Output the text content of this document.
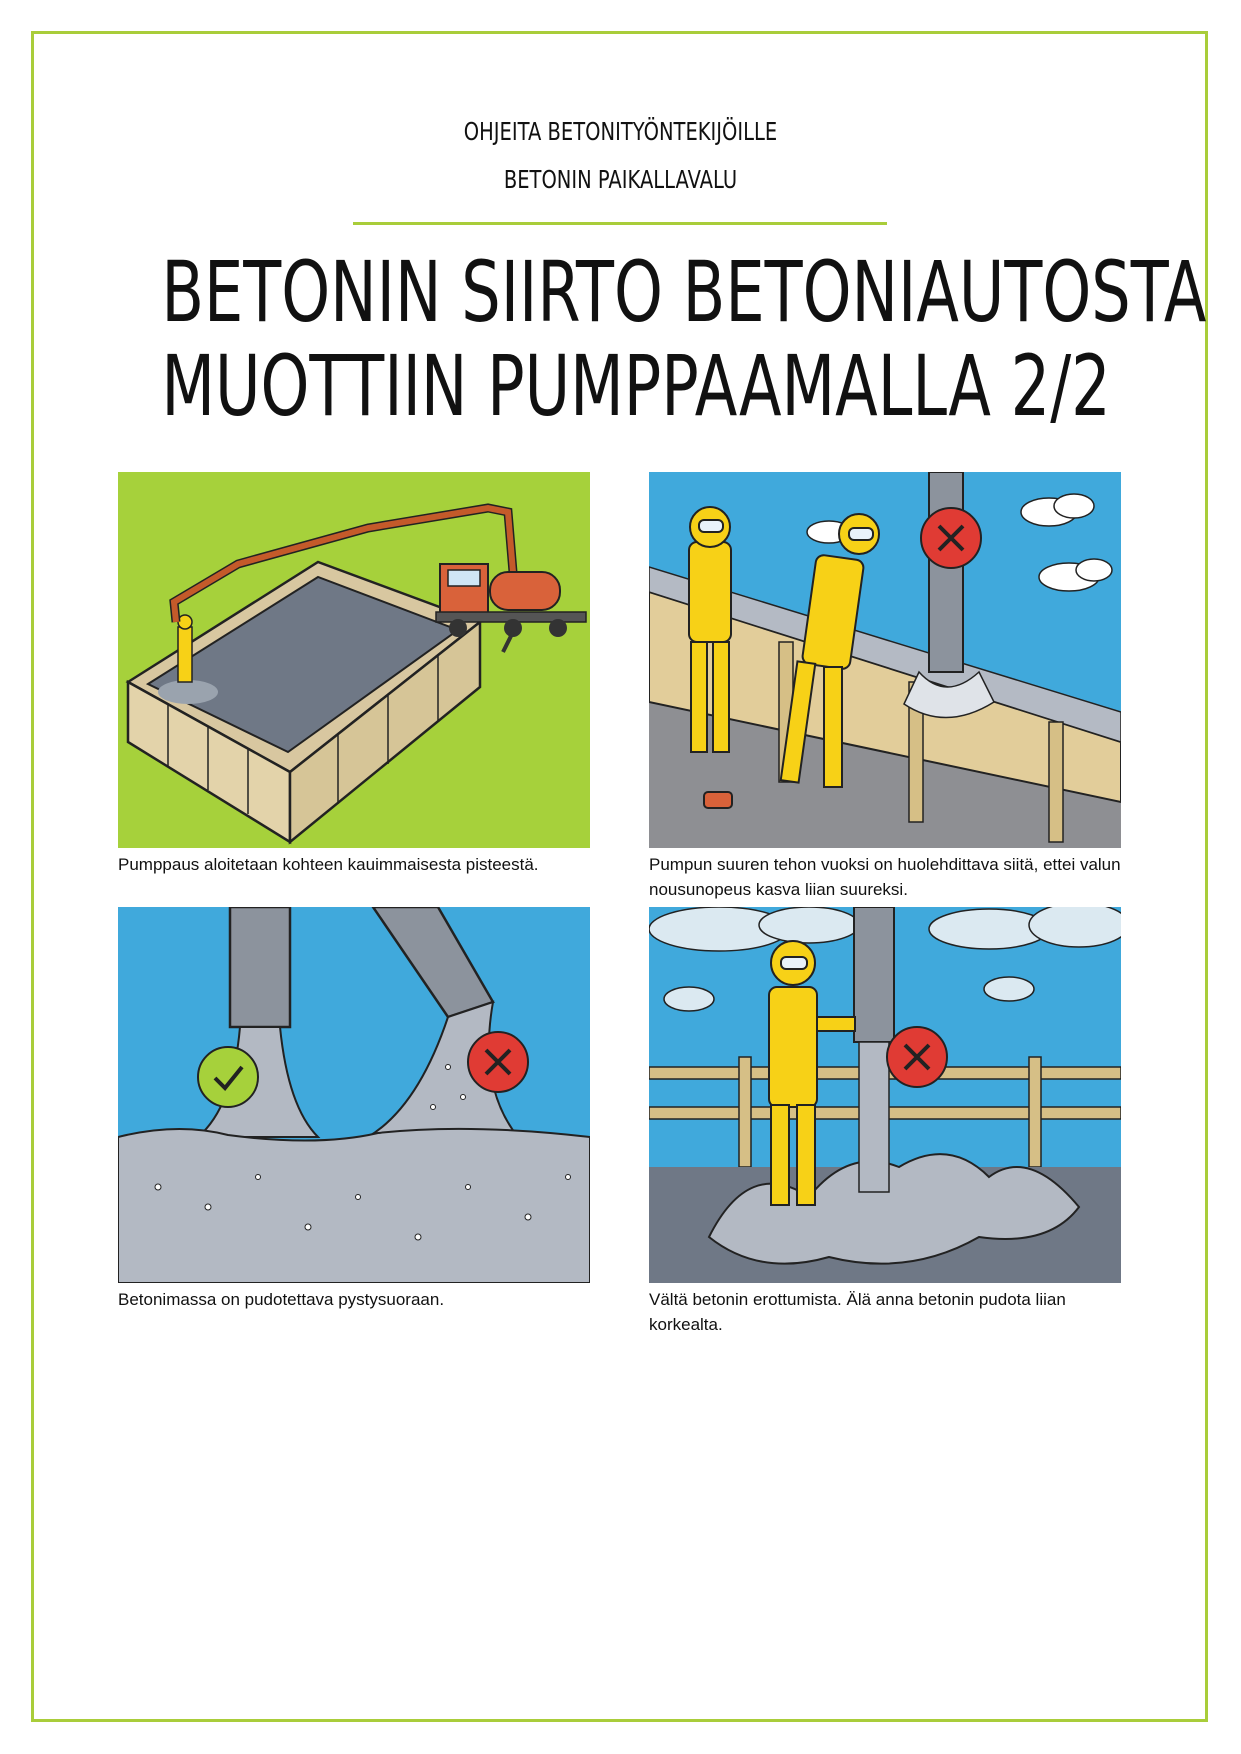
OHJEITA BETONITYÖNTEKIJÖILLE
BETONIN PAIKALLAVALU
BETONIN SIIRTO BETONIAUTOSTA
MUOTTIIN PUMPPAAMALLA 2/2
Pumppaus aloitetaan kohteen kauimmaisesta pisteestä.	Pumpun suuren tehon vuoksi on huolehdittava siitä, ettei valun nousunopeus kasva liian suureksi.
Betonimassa on pudotettava pystysuoraan.	Vältä betonin erottumista. Älä anna betonin pudota liian korkealta.
